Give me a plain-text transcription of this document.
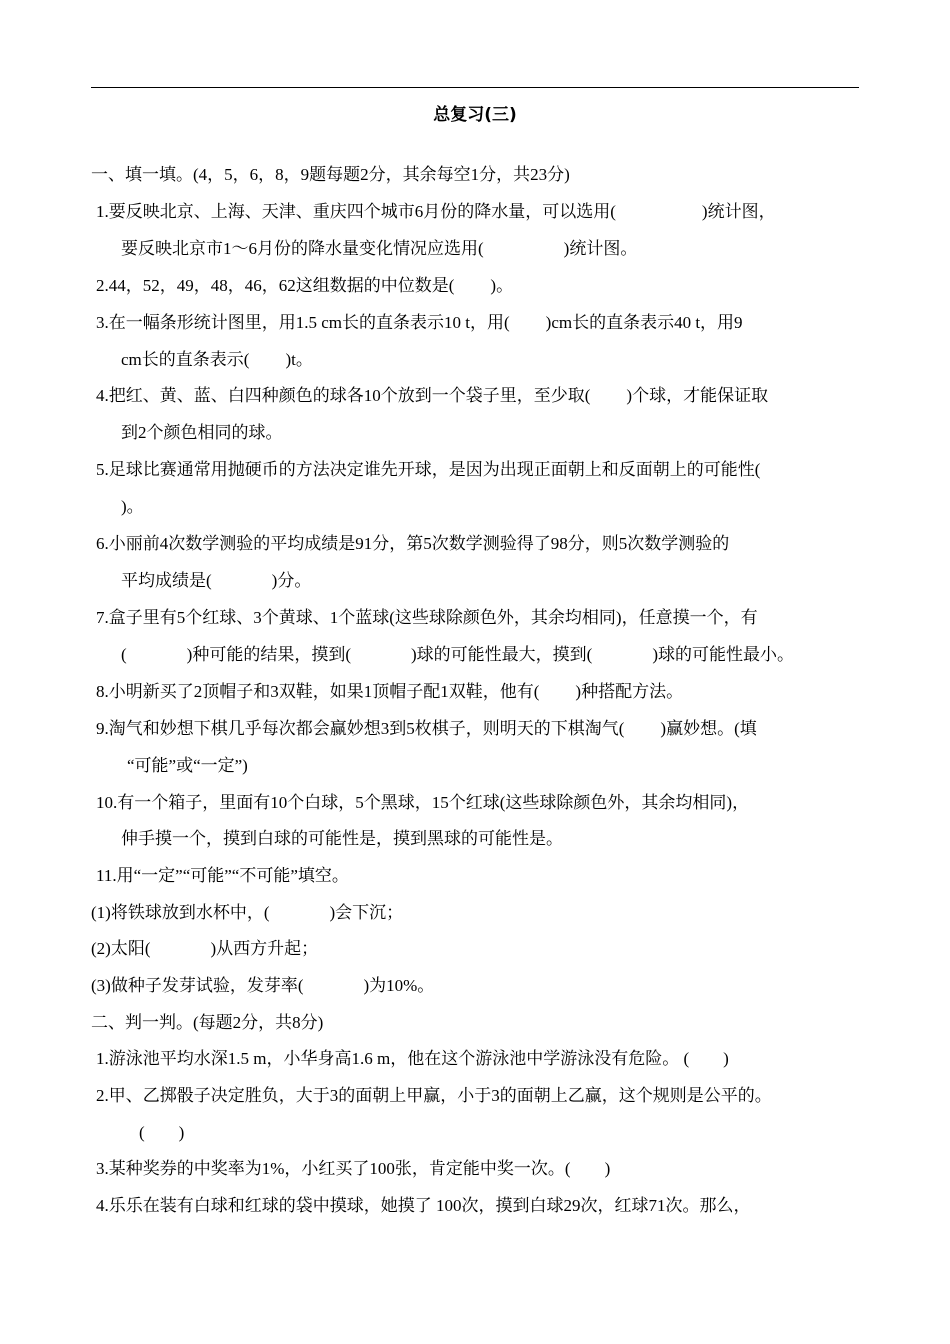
总复习(三)
一、填一填。(4，5，6，8，9题每题2分，其余每空1分，共23分)
1.要反映北京、上海、天津、重庆四个城市6月份的降水量，可以选用(	)统计图，
要反映北京市1～6月份的降水量变化情况应选用(	)统计图。
2.44，52，49，48，46，62这组数据的中位数是( )。
3.在一幅条形统计图里，用1.5 cm长的直条表示10 t，用( )cm长的直条表示40 t，用9
cm长的直条表示( )t。
4.把红、黄、蓝、白四种颜色的球各10个放到一个袋子里，至少取( )个球，才能保证取
到2个颜色相同的球。
5.足球比赛通常用抛硬币的方法决定谁先开球，是因为出现正面朝上和反面朝上的可能性(
)。
6.小丽前4次数学测验的平均成绩是91分，第5次数学测验得了98分，则5次数学测验的
平均成绩是(	)分。
7.盒子里有5个红球、3个黄球、1个蓝球(这些球除颜色外，其余均相同)，任意摸一个，有
(	)种可能的结果，摸到(	)球的可能性最大，摸到(	)球的可能性最小。
8.小明新买了2顶帽子和3双鞋，如果1顶帽子配1双鞋，他有( )种搭配方法。
9.淘气和妙想下棋几乎每次都会赢妙想3到5枚棋子，则明天的下棋淘气( )赢妙想。(填
“可能”或“一定”)
10.有一个箱子，里面有10个白球，5个黑球，15个红球(这些球除颜色外，其余均相同)，
伸手摸一个，摸到白球的可能性是，摸到黑球的可能性是。
11.用“一定”“可能”“不可能”填空。
(1)将铁球放到水杯中，(	)会下沉；
(2)太阳(	)从西方升起；
(3)做种子发芽试验，发芽率(	)为10%。
二、判一判。(每题2分，共8分)
1.游泳池平均水深1.5 m，小华身高1.6 m，他在这个游泳池中学游泳没有危险。 (　　)
2.甲、乙掷骰子决定胜负，大于3的面朝上甲赢，小于3的面朝上乙赢，这个规则是公平的。
(　　)
3.某种奖券的中奖率为1%，小红买了100张，肯定能中奖一次。(　　)
4.乐乐在装有白球和红球的袋中摸球，她摸了 100次，摸到白球29次，红球71次。那么，
